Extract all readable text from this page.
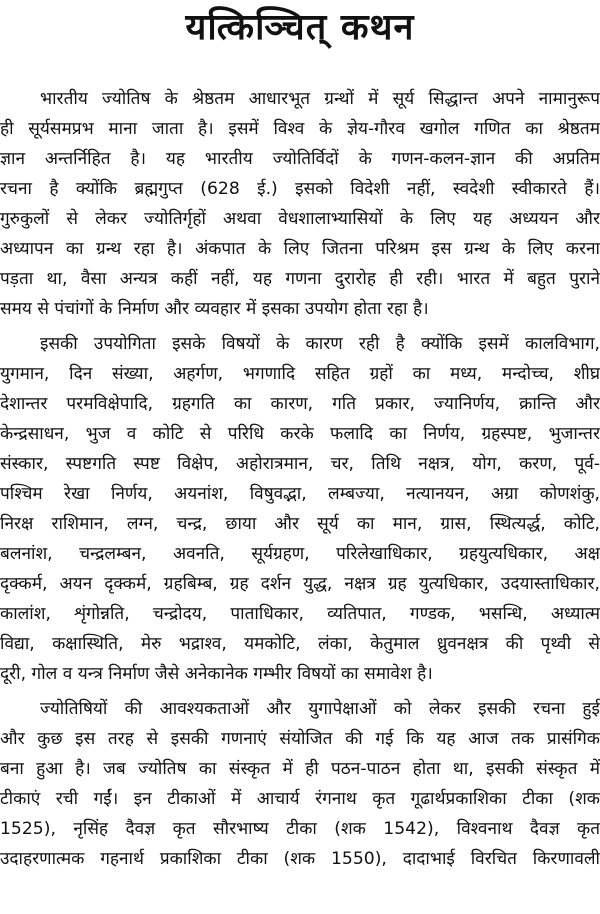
यत्किञ्चित् कथन
भारतीय ज्योतिष के श्रेष्ठतम आधारभूत ग्रन्थों में सूर्य सिद्धान्त अपने नामानुरूप
ही सूर्यसमप्रभ माना जाता है। इसमें विश्व के ज्ञेय-गौरव खगोल गणित का श्रेष्ठतम
ज्ञान अन्तर्निहित है। यह भारतीय ज्योतिर्विदों के गणन-कलन-ज्ञान की अप्रतिम
रचना है क्योंकि ब्रह्मगुप्त (628 ई.) इसको विदेशी नहीं, स्वदेशी स्वीकारते हैं।
गुरुकुलों से लेकर ज्योतिर्गृहों अथवा वेधशालाभ्यासियों के लिए यह अध्ययन और
अध्यापन का ग्रन्थ रहा है। अंकपात के लिए जितना परिश्रम इस ग्रन्थ के लिए करना
पड़ता था, वैसा अन्यत्र कहीं नहीं, यह गणना दुरारोह ही रही। भारत में बहुत पुराने
समय से पंचांगों के निर्माण और व्यवहार में इसका उपयोग होता रहा है।
इसकी उपयोगिता इसके विषयों के कारण रही है क्योंकि इसमें कालविभाग,
युगमान, दिन संख्या, अहर्गण, भगणादि सहित ग्रहों का मध्य, मन्दोच्च, शीघ्र
देशान्तर परमविक्षेपादि, ग्रहगति का कारण, गति प्रकार, ज्यानिर्णय, क्रान्ति और
केन्द्रसाधन, भुज व कोटि से परिधि करके फलादि का निर्णय, ग्रहस्पष्ट, भुजान्तर
संस्कार, स्पष्टगति स्पष्ट विक्षेप, अहोरात्रमान, चर, तिथि नक्षत्र, योग, करण, पूर्व-
पश्चिम रेखा निर्णय, अयनांश, विषुवद्भा, लम्बज्या, नत्यानयन, अग्रा कोणशंकु,
निरक्ष राशिमान, लग्न, चन्द्र, छाया और सूर्य का मान, ग्रास, स्थित्यर्द्ध, कोटि,
बलनांश, चन्द्रलम्बन, अवनति, सूर्यग्रहण, परिलेखाधिकार, ग्रहयुत्यधिकार, अक्ष
दृक्कर्म, अयन दृक्कर्म, ग्रहबिम्ब, ग्रह दर्शन युद्ध, नक्षत्र ग्रह युत्यधिकार, उदयास्ताधिकार,
कालांश, शृंगोन्नति, चन्द्रोदय, पाताधिकार, व्यतिपात, गण्डक, भसन्धि, अध्यात्म
विद्या, कक्षास्थिति, मेरु भद्राश्व, यमकोटि, लंका, केतुमाल ध्रुवनक्षत्र की पृथ्वी से
दूरी, गोल व यन्त्र निर्माण जैसे अनेकानेक गम्भीर विषयों का समावेश है।
ज्योतिषियों की आवश्यकताओं और युगापेक्षाओं को लेकर इसकी रचना हुई
और कुछ इस तरह से इसकी गणनाएं संयोजित की गई कि यह आज तक प्रासंगिक
बना हुआ है। जब ज्योतिष का संस्कृत में ही पठन-पाठन होता था, इसकी संस्कृत में
टीकाएं रची गईं। इन टीकाओं में आचार्य रंगनाथ कृत गूढार्थप्रकाशिका टीका (शक
1525), नृसिंह दैवज्ञ कृत सौरभाष्य टीका (शक 1542), विश्वनाथ दैवज्ञ कृत
उदाहरणात्मक गहनार्थ प्रकाशिका टीका (शक 1550), दादाभाई विरचित किरणावली
